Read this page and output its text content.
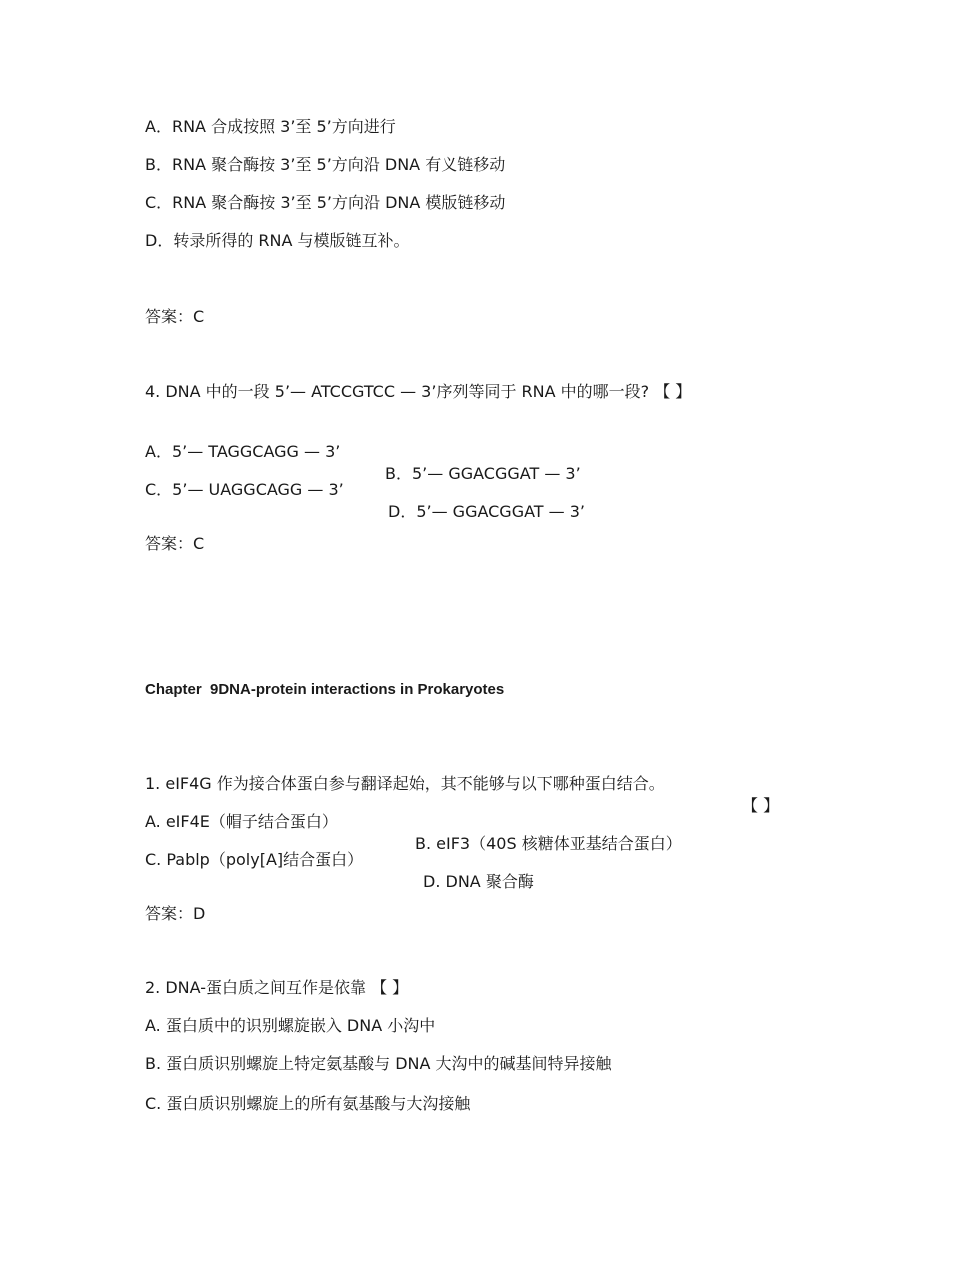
A．RNA 合成按照 3’至 5’方向进行
B．RNA 聚合酶按 3’至 5’方向沿 DNA 有义链移动
C．RNA 聚合酶按 3’至 5’方向沿 DNA 模版链移动
D．转录所得的 RNA 与模版链互补。
答案：C
4. DNA 中的一段 5’— ATCCGTCC — 3’序列等同于 RNA 中的哪一段? 【 】

A．5’— TAGGCAGG — 3’

B．5’— GGACGGAT — 3’

C．5’— UAGGCAGG — 3’

D．5’— GGACGGAT — 3’

答案：C
Chapter  9DNA-protein interactions in Prokaryotes

1. eIF4G 作为接合体蛋白参与翻译起始，其不能够与以下哪种蛋白结合。

【 】

A. eIF4E（帽子结合蛋白）

B. eIF3（40S 核糖体亚基结合蛋白）

C. Pablp（poly[A]结合蛋白）

D. DNA 聚合酶

答案：D
2. DNA-蛋白质之间互作是依靠 【 】
A. 蛋白质中的识别螺旋嵌入 DNA 小沟中
B. 蛋白质识别螺旋上特定氨基酸与 DNA 大沟中的碱基间特异接触
C. 蛋白质识别螺旋上的所有氨基酸与大沟接触
